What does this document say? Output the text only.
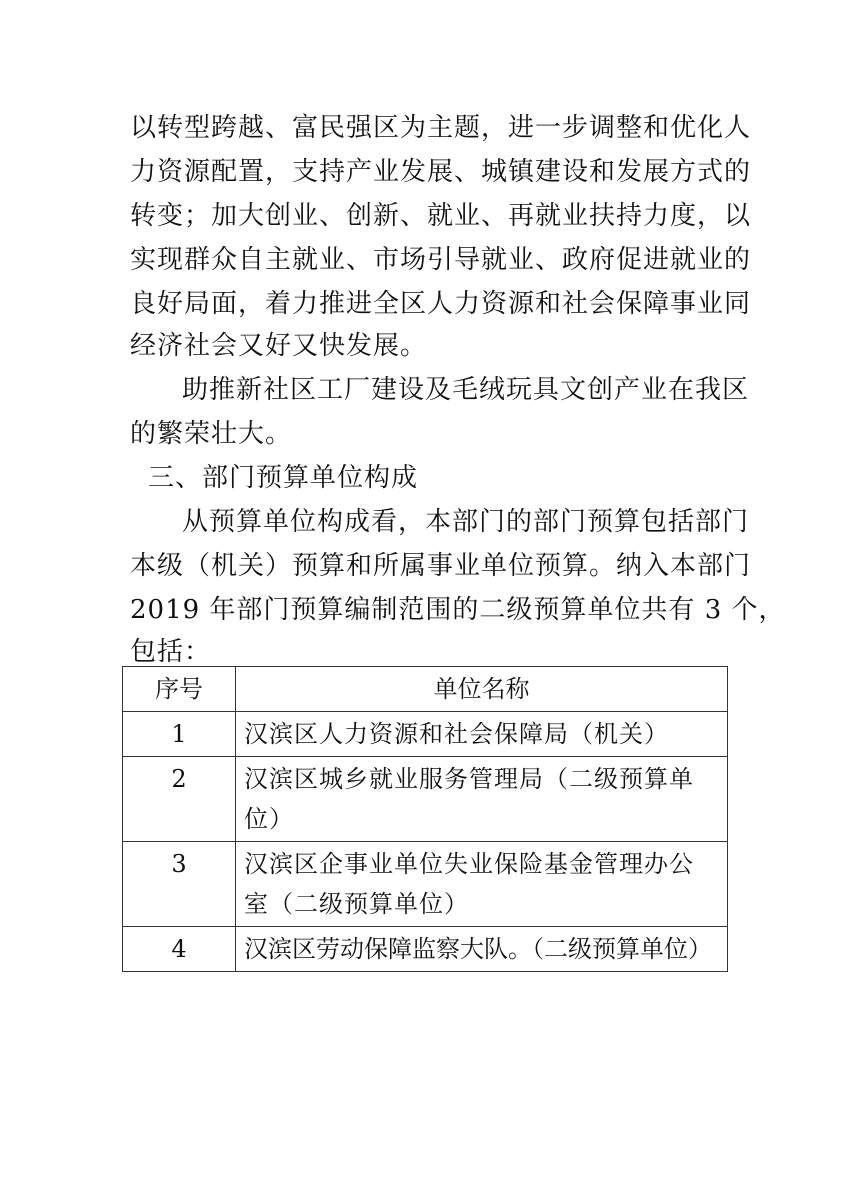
以转型跨越、富民强区为主题，进一步调整和优化人
力资源配置，支持产业发展、城镇建设和发展方式的
转变；加大创业、创新、就业、再就业扶持力度，以
实现群众自主就业、市场引导就业、政府促进就业的
良好局面，着力推进全区人力资源和社会保障事业同
经济社会又好又快发展。
助推新社区工厂建设及毛绒玩具文创产业在我区
的繁荣壮大。
三、部门预算单位构成
从预算单位构成看，本部门的部门预算包括部门
本级（机关）预算和所属事业单位预算。纳入本部门
2019 年部门预算编制范围的二级预算单位共有 3 个，
包括：
序号	单位名称
1	汉滨区人力资源和社会保障局（机关）

2	汉滨区城乡就业服务管理局（二级预算单
位）

3	汉滨区企事业单位失业保险基金管理办公
室（二级预算单位）

4	汉滨区劳动保障监察大队。（二级预算单位）
